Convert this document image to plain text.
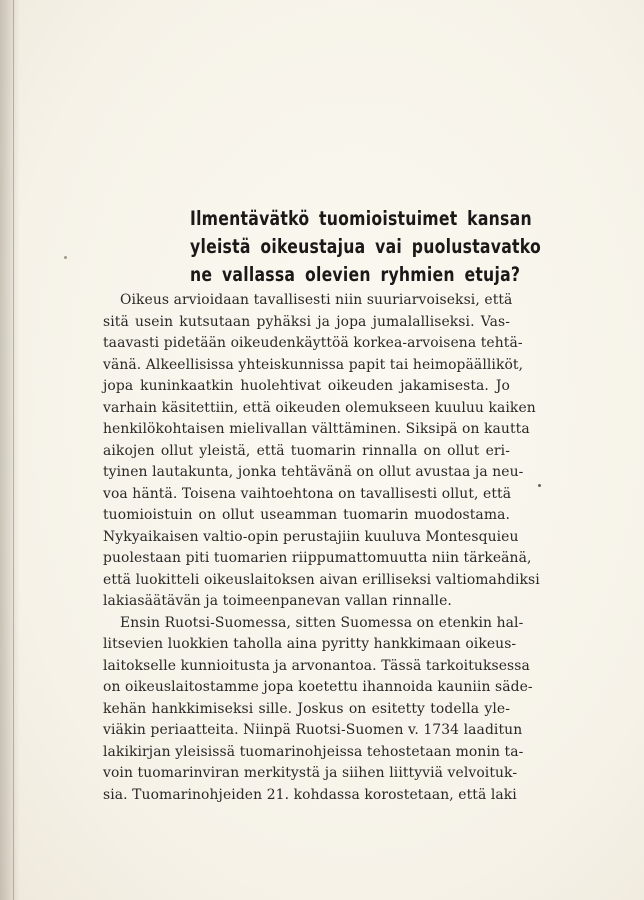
Ilmentävätkö tuomioistuimet kansan
yleistä oikeustajua vai puolustavatko
ne vallassa olevien ryhmien etuja?
Oikeus arvioidaan tavallisesti niin suuriarvoiseksi, että
sitä usein kutsutaan pyhäksi ja jopa jumalalliseksi. Vas-
taavasti pidetään oikeudenkäyttöä korkea-arvoisena tehtä-
vänä. Alkeellisissa yhteiskunnissa papit tai heimopäälliköt,
jopa kuninkaatkin huolehtivat oikeuden jakamisesta. Jo
varhain käsitettiin, että oikeuden olemukseen kuuluu kaiken
henkilökohtaisen mielivallan välttäminen. Siksipä on kautta
aikojen ollut yleistä, että tuomarin rinnalla on ollut eri-
tyinen lautakunta, jonka tehtävänä on ollut avustaa ja neu-
voa häntä. Toisena vaihtoehtona on tavallisesti ollut, että
tuomioistuin on ollut useamman tuomarin muodostama.
Nykyaikaisen valtio-opin perustajiin kuuluva Montesquieu
puolestaan piti tuomarien riippumattomuutta niin tärkeänä,
että luokitteli oikeuslaitoksen aivan erilliseksi valtiomahdiksi
lakiasäätävän ja toimeenpanevan vallan rinnalle.
Ensin Ruotsi-Suomessa, sitten Suomessa on etenkin hal-
litsevien luokkien taholla aina pyritty hankkimaan oikeus-
laitokselle kunnioitusta ja arvonantoa. Tässä tarkoituksessa
on oikeuslaitostamme jopa koetettu ihannoida kauniin säde-
kehän hankkimiseksi sille. Joskus on esitetty todella yle-
viäkin periaatteita. Niinpä Ruotsi-Suomen v. 1734 laaditun
lakikirjan yleisissä tuomarinohjeissa tehostetaan monin ta-
voin tuomarinviran merkitystä ja siihen liittyviä velvoituk-
sia. Tuomarinohjeiden 21. kohdassa korostetaan, että laki
